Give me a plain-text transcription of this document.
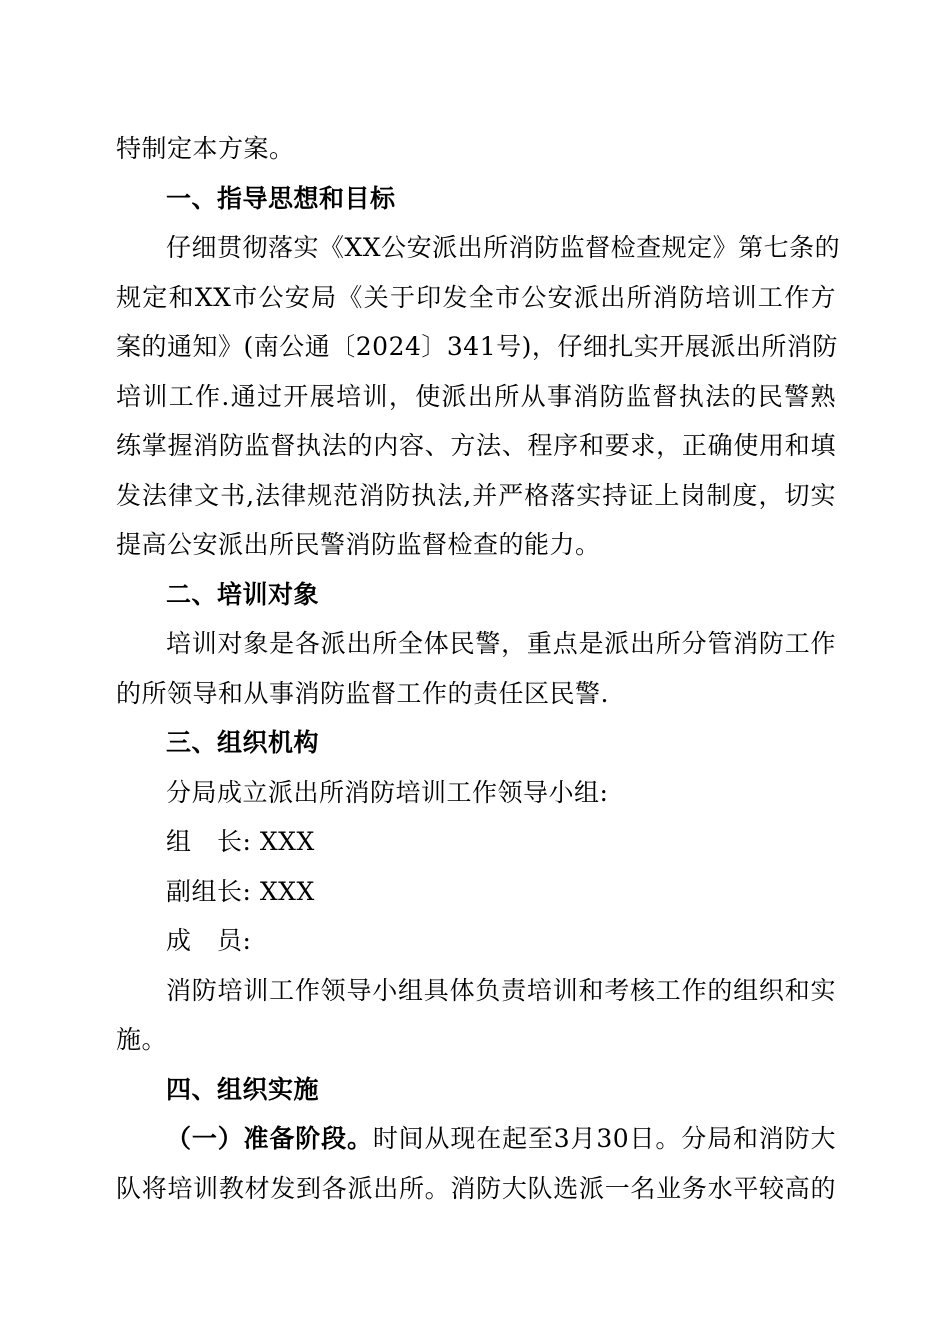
特制定本方案。
一、指导思想和目标
仔细贯彻落实《XX公安派出所消防监督检查规定》第七条的
规定和XX市公安局《关于印发全市公安派出所消防培训工作方
案的通知》(南公通〔2024〕341号)，仔细扎实开展派出所消防
培训工作.通过开展培训，使派出所从事消防监督执法的民警熟
练掌握消防监督执法的内容、方法、程序和要求，正确使用和填
发法律文书,法律规范消防执法,并严格落实持证上岗制度，切实
提高公安派出所民警消防监督检查的能力。
二、培训对象
培训对象是各派出所全体民警，重点是派出所分管消防工作
的所领导和从事消防监督工作的责任区民警.
三、组织机构
分局成立派出所消防培训工作领导小组:
组　长: XXX
副组长: XXX
成　员:
消防培训工作领导小组具体负责培训和考核工作的组织和实
施。
四、组织实施
（一）准备阶段。时间从现在起至3月30日。分局和消防大
队将培训教材发到各派出所。消防大队选派一名业务水平较高的
